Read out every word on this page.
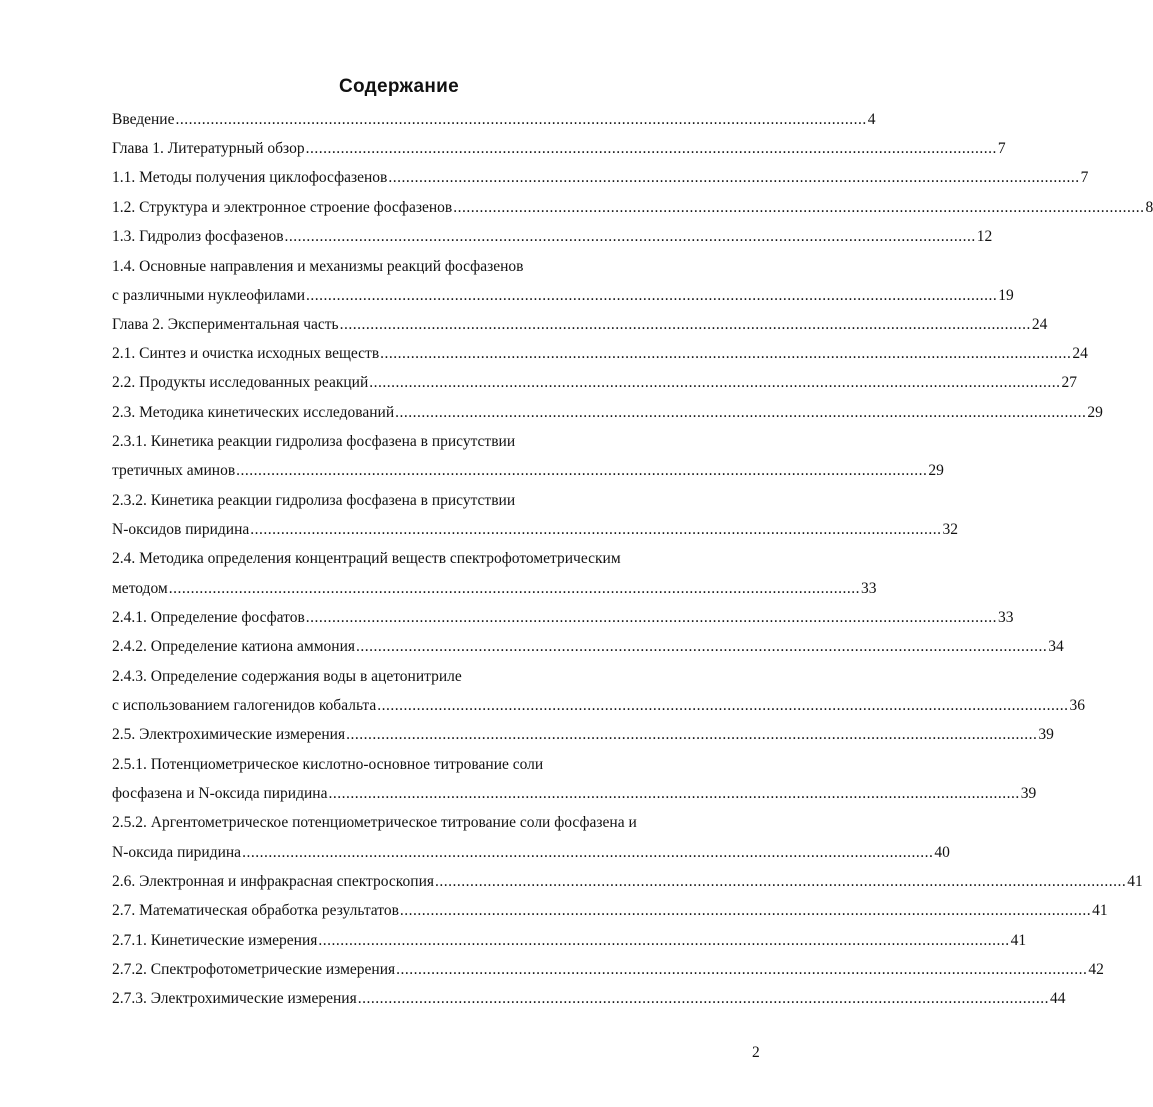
Содержание
Введение .............................................................................................................................................................. 4
Глава 1. Литературный обзор .............................................................................................................................................................. 7
1.1. Методы получения циклофосфазенов .............................................................................................................................................................. 7
1.2. Структура и электронное строение фосфазенов .............................................................................................................................................................. 8
1.3. Гидролиз фосфазенов .............................................................................................................................................................. 12
1.4. Основные направления и механизмы реакций фосфазенов
с различными нуклеофилами .............................................................................................................................................................. 19
Глава 2. Экспериментальная часть .............................................................................................................................................................. 24
2.1. Синтез и очистка исходных веществ .............................................................................................................................................................. 24
2.2. Продукты исследованных реакций .............................................................................................................................................................. 27
2.3. Методика кинетических исследований .............................................................................................................................................................. 29
2.3.1. Кинетика реакции гидролиза фосфазена в присутствии
третичных аминов .............................................................................................................................................................. 29
2.3.2. Кинетика реакции гидролиза фосфазена в присутствии
N-оксидов пиридина .............................................................................................................................................................. 32
2.4. Методика определения концентраций веществ спектрофотометрическим
методом .............................................................................................................................................................. 33
2.4.1. Определение фосфатов .............................................................................................................................................................. 33
2.4.2. Определение катиона аммония .............................................................................................................................................................. 34
2.4.3. Определение содержания воды в ацетонитриле
с использованием галогенидов кобальта .............................................................................................................................................................. 36
2.5. Электрохимические измерения .............................................................................................................................................................. 39
2.5.1. Потенциометрическое кислотно-основное титрование соли
фосфазена и N-оксида пиридина .............................................................................................................................................................. 39
2.5.2. Аргентометрическое потенциометрическое титрование соли фосфазена и
N-оксида пиридина .............................................................................................................................................................. 40
2.6. Электронная и инфракрасная спектроскопия .............................................................................................................................................................. 41
2.7. Математическая обработка результатов .............................................................................................................................................................. 41
2.7.1. Кинетические измерения .............................................................................................................................................................. 41
2.7.2. Спектрофотометрические измерения .............................................................................................................................................................. 42
2.7.3. Электрохимические измерения .............................................................................................................................................................. 44
2
